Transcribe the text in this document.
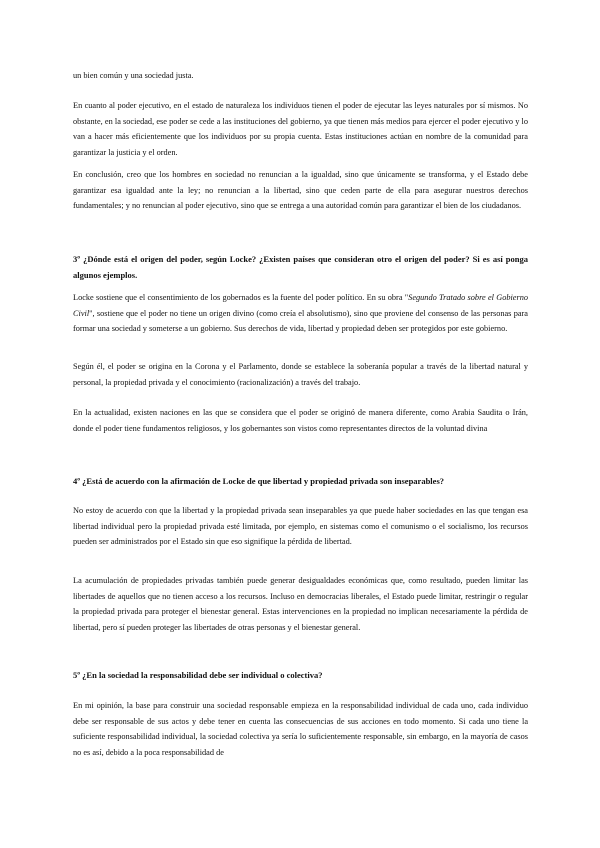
un bien común y una sociedad justa.

En cuanto al poder ejecutivo, en el estado de naturaleza los individuos tienen el poder de ejecutar las leyes naturales por sí mismos. No obstante, en la sociedad, ese poder se cede a las instituciones del gobierno, ya que tienen más medios para ejercer el poder ejecutivo y lo van a hacer más eficientemente que los individuos por su propia cuenta. Estas instituciones actúan en nombre de la comunidad para garantizar la justicia y el orden.

En conclusión, creo que los hombres en sociedad no renuncian a la igualdad, sino que únicamente se transforma, y el Estado debe garantizar esa igualdad ante la ley; no renuncian a la libertad, sino que ceden parte de ella para asegurar nuestros derechos fundamentales; y no renuncian al poder ejecutivo, sino que se entrega a una autoridad común para garantizar el bien de los ciudadanos.

3º ¿Dónde está el origen del poder, según Locke? ¿Existen países que consideran otro el origen del poder? Si es así ponga algunos ejemplos.

Locke sostiene que el consentimiento de los gobernados es la fuente del poder político. En su obra "Segundo Tratado sobre el Gobierno Civil", sostiene que el poder no tiene un origen divino (como creía el absolutismo), sino que proviene del consenso de las personas para formar una sociedad y someterse a un gobierno. Sus derechos de vida, libertad y propiedad deben ser protegidos por este gobierno.

Según él, el poder se origina en la Corona y el Parlamento, donde se establece la soberanía popular a través de la libertad natural y personal, la propiedad privada y el conocimiento (racionalización) a través del trabajo.

En la actualidad, existen naciones en las que se considera que el poder se originó de manera diferente, como Arabia Saudita o Irán, donde el poder tiene fundamentos religiosos, y los gobernantes son vistos como representantes directos de la voluntad divina

4º ¿Está de acuerdo con la afirmación de Locke de que libertad y propiedad privada son inseparables?

No estoy de acuerdo con que la libertad y la propiedad privada sean inseparables ya que puede haber sociedades en las que tengan esa libertad individual pero la propiedad privada esté limitada, por ejemplo, en sistemas como el comunismo o el socialismo, los recursos pueden ser administrados por el Estado sin que eso signifique la pérdida de libertad.

La acumulación de propiedades privadas también puede generar desigualdades económicas que, como resultado, pueden limitar las libertades de aquellos que no tienen acceso a los recursos. Incluso en democracias liberales, el Estado puede limitar, restringir o regular la propiedad privada para proteger el bienestar general. Estas intervenciones en la propiedad no implican necesariamente la pérdida de libertad, pero sí pueden proteger las libertades de otras personas y el bienestar general.

5º ¿En la sociedad la responsabilidad debe ser individual o colectiva?

En mi opinión, la base para construir una sociedad responsable empieza en la responsabilidad individual de cada uno, cada individuo debe ser responsable de sus actos y debe tener en cuenta las consecuencias de sus acciones en todo momento. Si cada uno tiene la suficiente responsabilidad individual, la sociedad colectiva ya sería lo suficientemente responsable, sin embargo, en la mayoría de casos no es así, debido a la poca responsabilidad de
